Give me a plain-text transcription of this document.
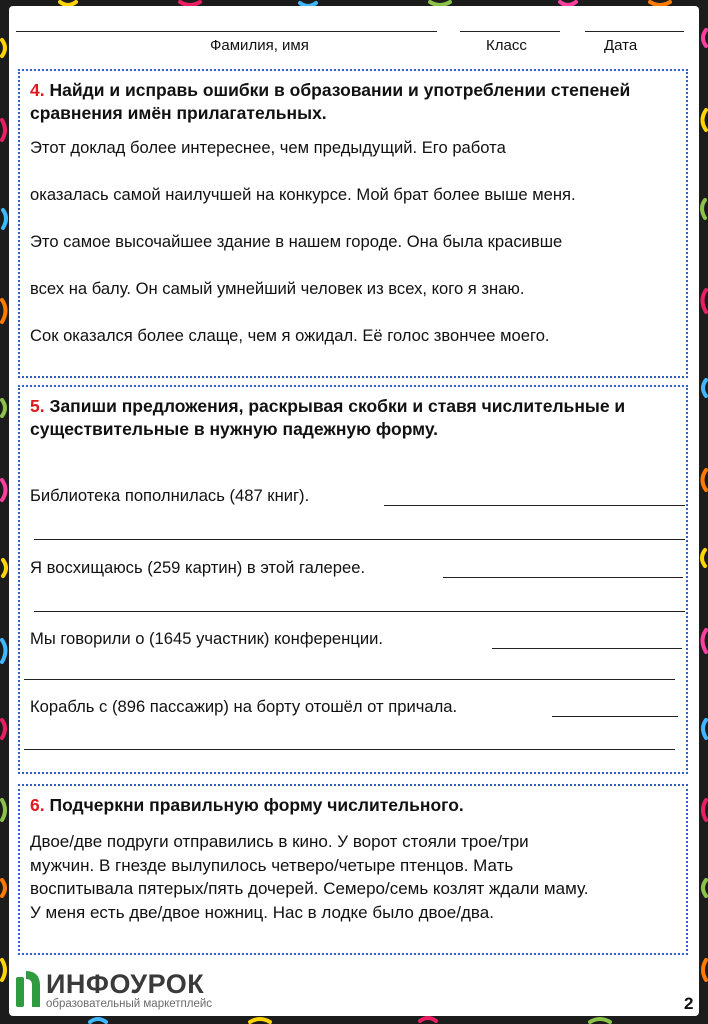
Фамилия, имя	Класс	Дата

4. Найди и исправь ошибки в образовании и употреблении степеней сравнения имён прилагательных.

Этот доклад более интереснее, чем предыдущий. Его работа
оказалась самой наилучшей на конкурсе. Мой брат более выше меня.
Это самое высочайшее здание в нашем городе. Она была красивше
всех на балу. Он самый умнейший человек из всех, кого я знаю.
Сок оказался более слаще, чем я ожидал. Её голос звончее моего.

5. Запиши предложения, раскрывая скобки и ставя числительные и существительные в нужную падежную форму.

Библиотека пополнилась (487 книг).
Я восхищаюсь (259 картин) в этой галерее.
Мы говорили о (1645 участник) конференции.
Корабль с (896 пассажир) на борту отошёл от причала.

6. Подчеркни правильную форму числительного.

Двое/две подруги отправились в кино. У ворот стояли трое/три
мужчин. В гнезде вылупилось четверо/четыре птенцов. Мать
воспитывала пятерых/пять дочерей. Семеро/семь козлят ждали маму.
У меня есть две/двое ножниц. Нас в лодке было двое/два.
ИНФОУРОК
образовательный маркетплейс	2
